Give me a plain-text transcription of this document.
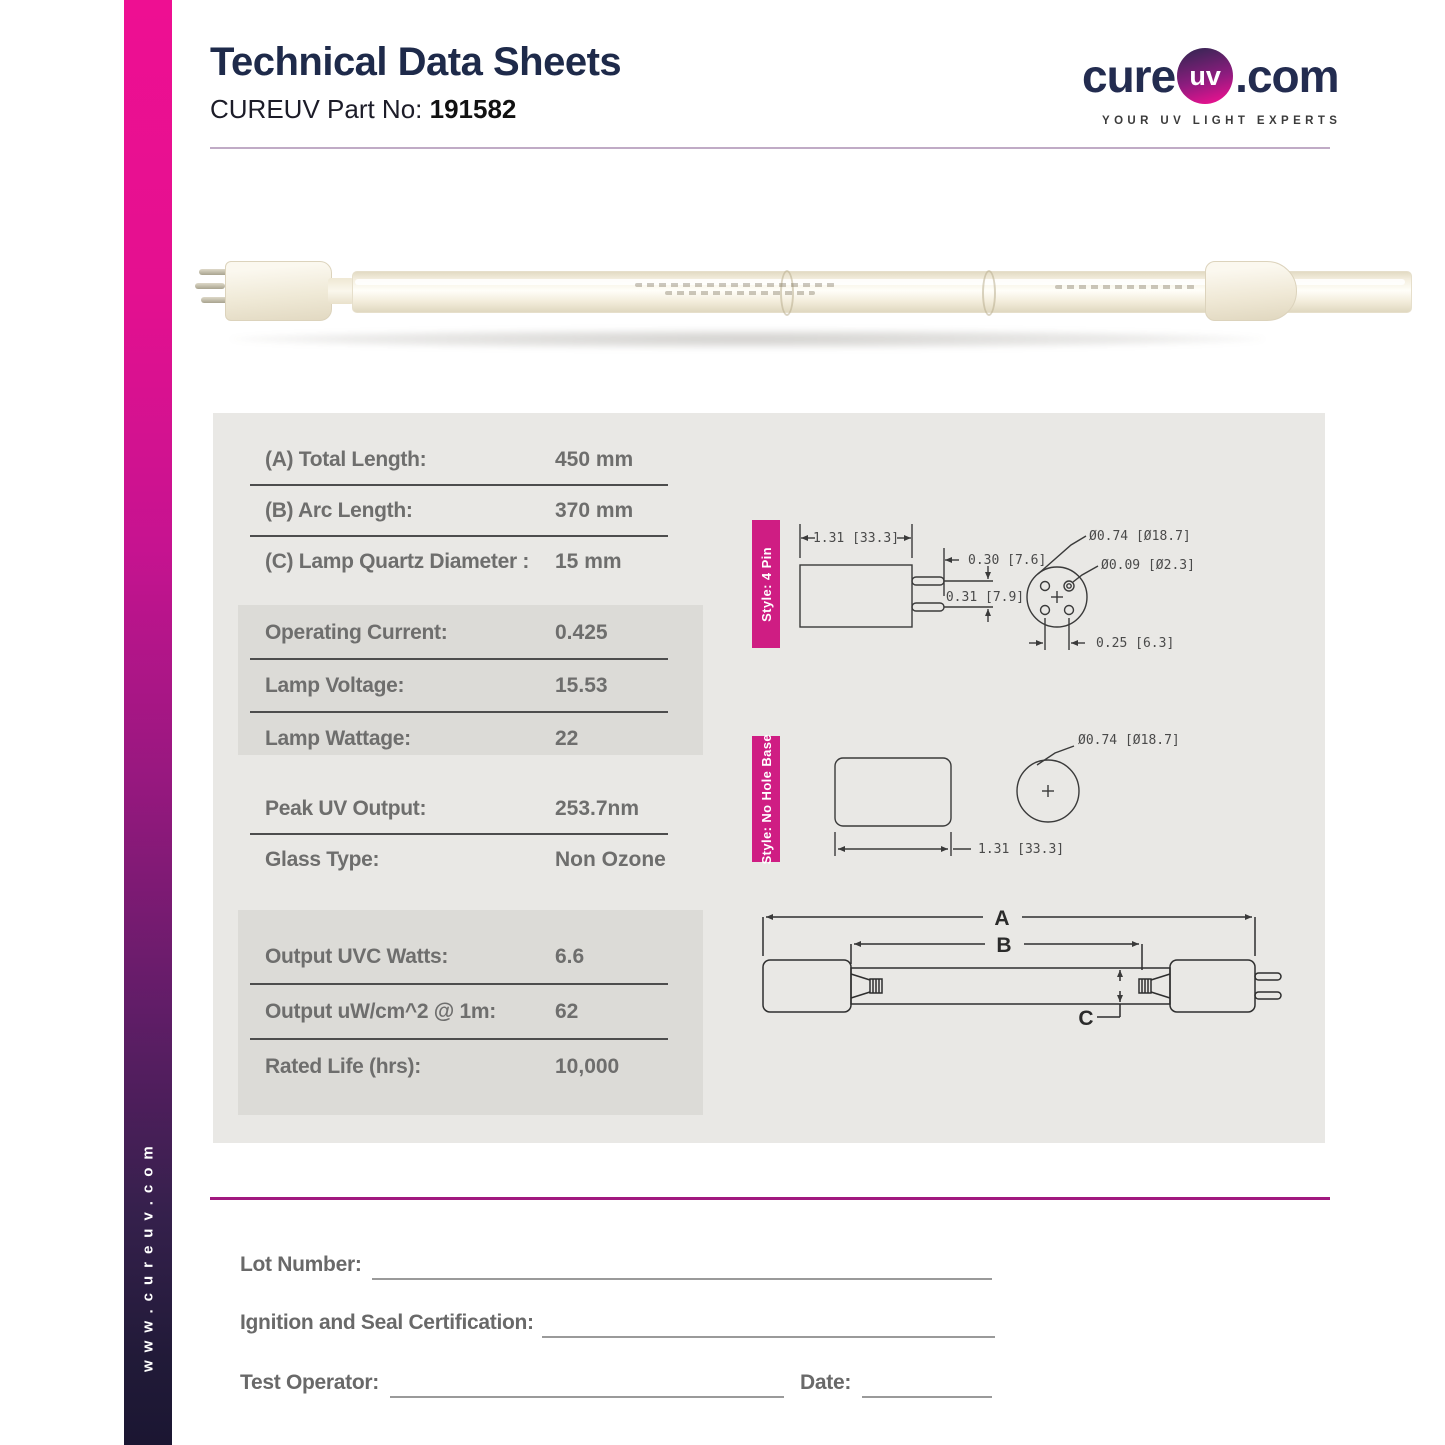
www.cureuv.com
Technical Data Sheets
CUREUV Part No: 191582
cure uv .com
YOUR UV LIGHT EXPERTS
(A) Total Length:	450 mm
(B) Arc Length:	370 mm
(C) Lamp Quartz Diameter : 15 mm
Operating Current:	0.425
Lamp Voltage:	15.53
Lamp Wattage:	22
Peak UV Output:	253.7nm
Glass Type:	Non Ozone
Output UVC Watts:	6.6
Output uW/cm^2 @ 1m:	62
Rated Life (hrs):	10,000
Style: 4 Pin
Style: No Hole Base
1.31 [33.3]
0.30 [7.6]
0.31 [7.9]
Ø0.74 [Ø18.7]
Ø0.09 [Ø2.3]
0.25 [6.3]
1.31 [33.3]
Ø0.74 [Ø18.7]
A
B
C
Lot Number:
Ignition and Seal Certification:
Test Operator:	Date:
